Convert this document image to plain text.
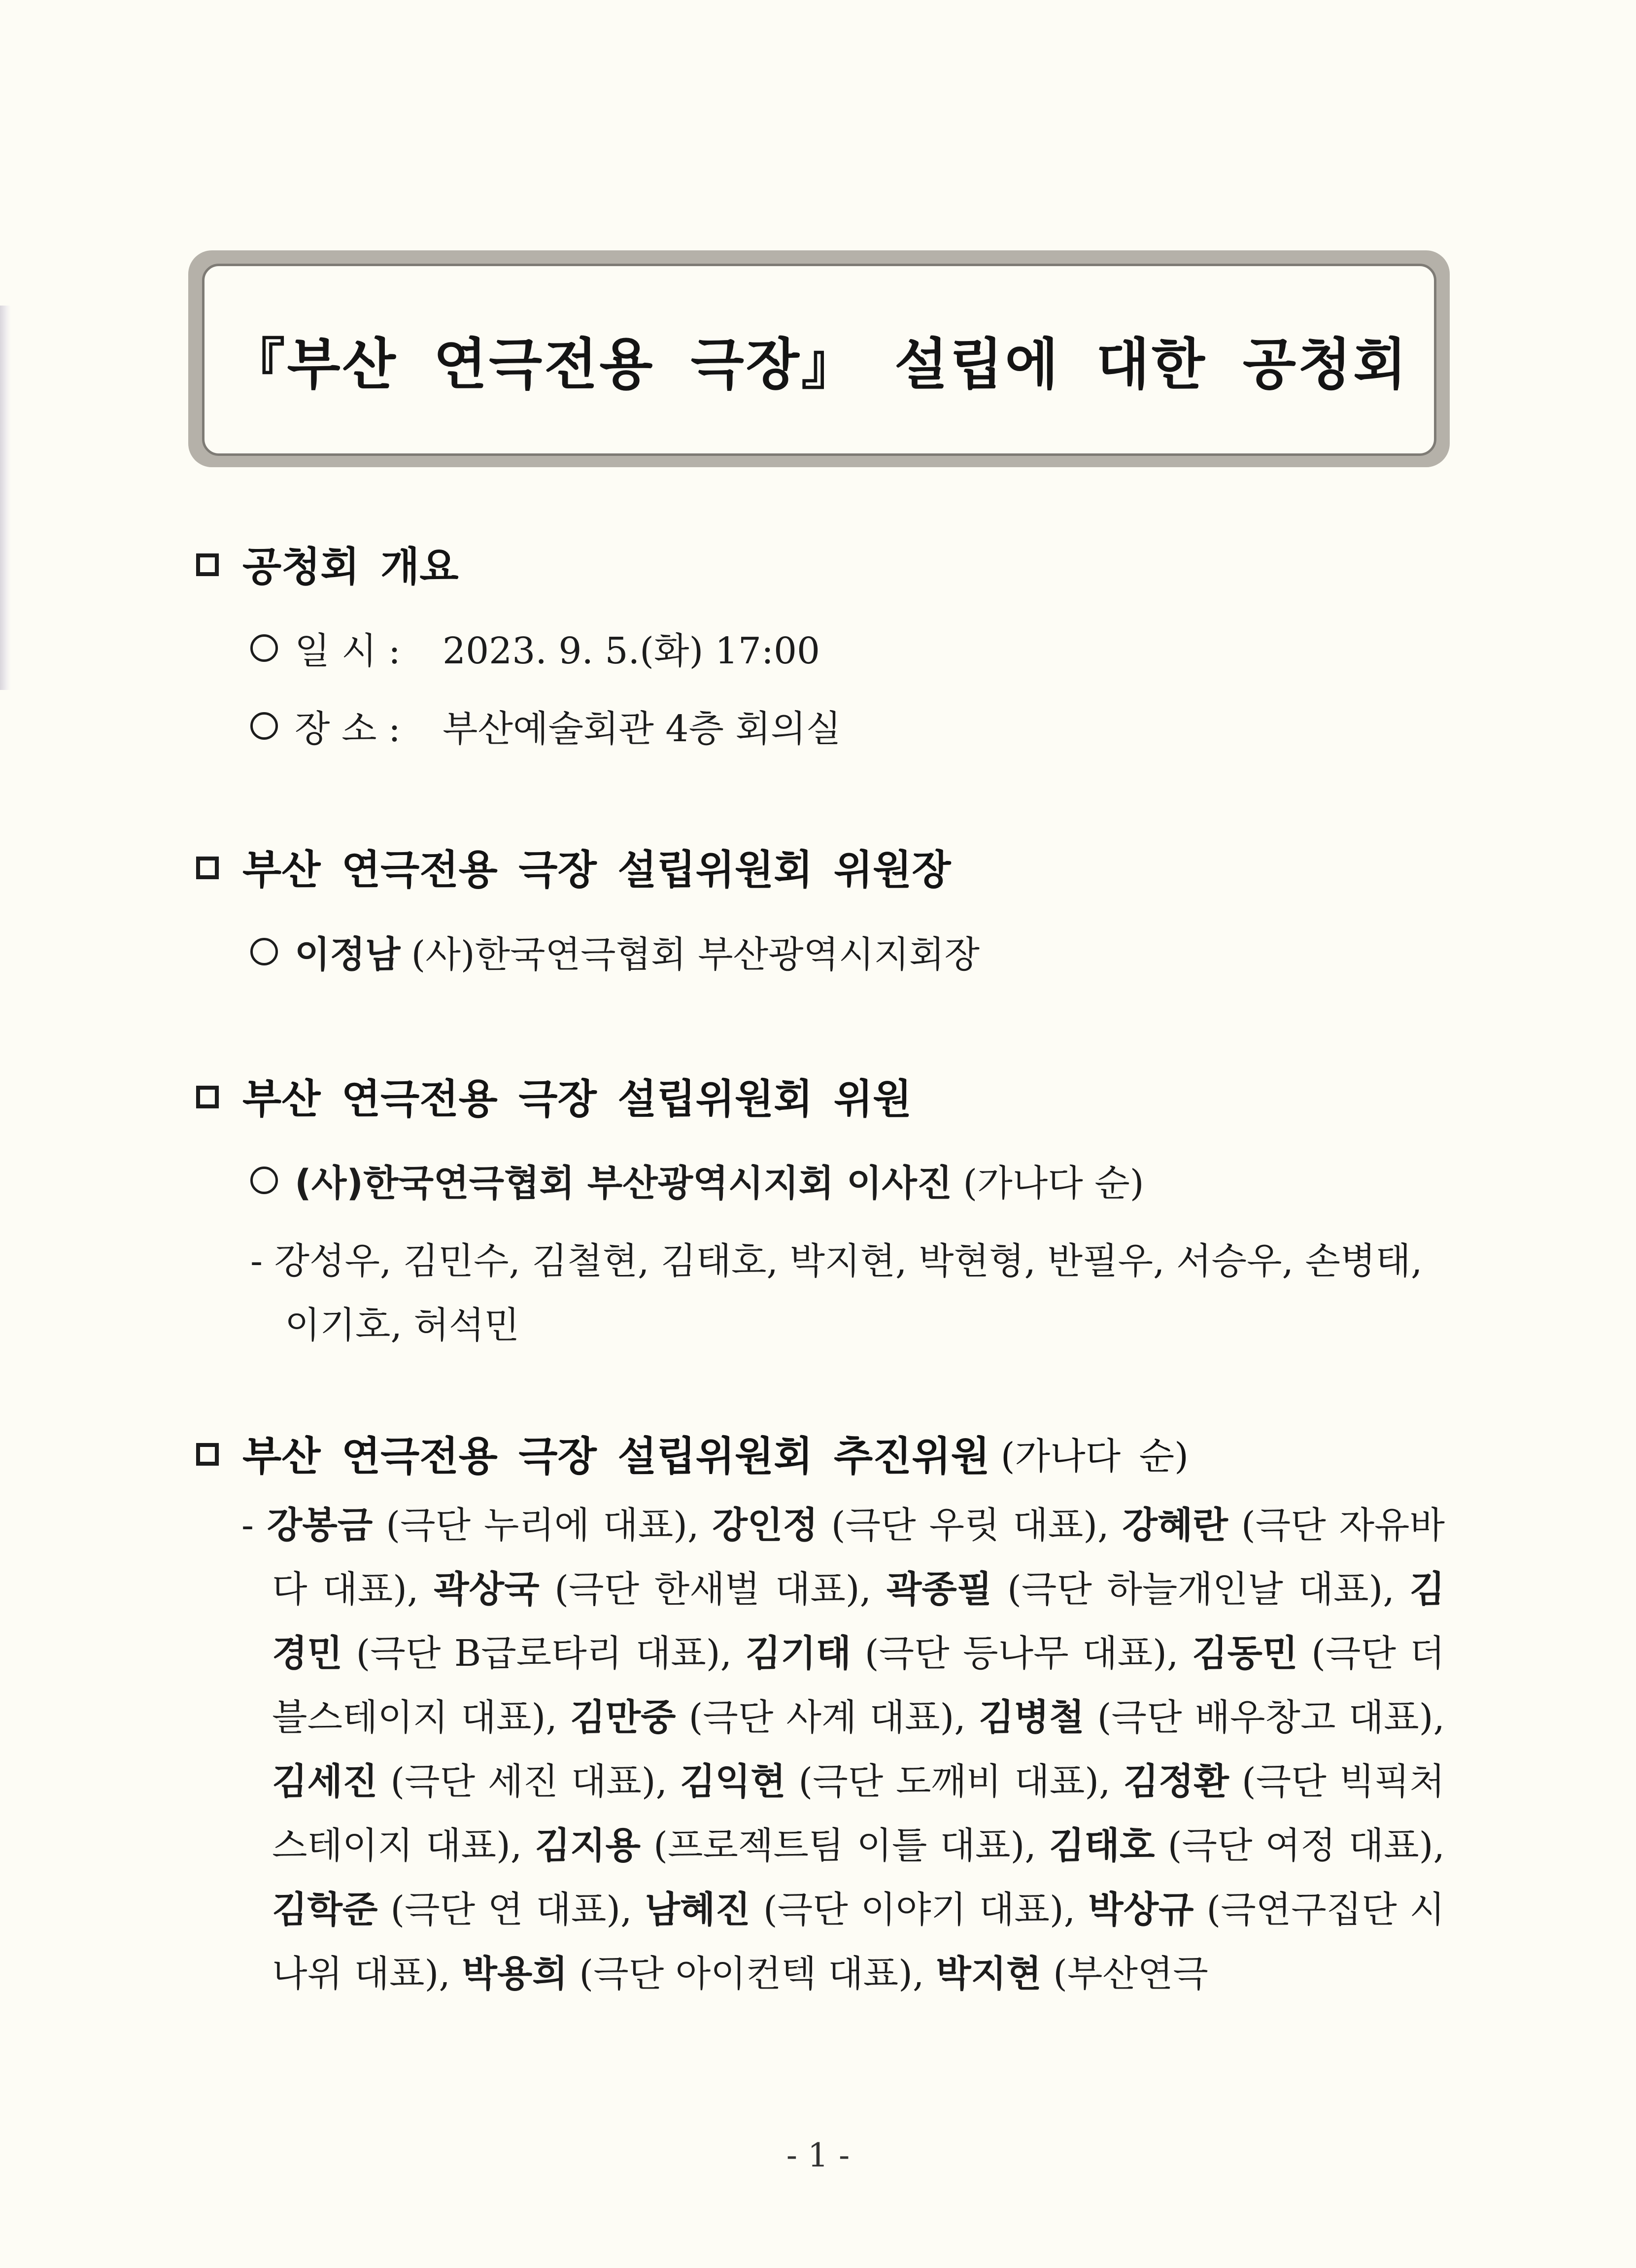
『부산 연극전용 극장』 설립에 대한 공청회
공청회 개요
일 시 :	2023. 9. 5.(화) 17:00
장 소 :	부산예술회관 4층 회의실
부산 연극전용 극장 설립위원회 위원장
이정남 (사)한국연극협회 부산광역시지회장
부산 연극전용 극장 설립위원회 위원
(사)한국연극협회 부산광역시지회 이사진 (가나다 순)
- 강성우, 김민수, 김철현, 김태호, 박지현, 박현형, 반필우, 서승우, 손병태,
이기호, 허석민
부산 연극전용 극장 설립위원회 추진위원 (가나다 순)
- 강봉금 (극단 누리에 대표), 강인정 (극단 우릿 대표), 강혜란 (극단 자유바다 대표), 곽상국 (극단 한새벌 대표), 곽종필 (극단 하늘개인날 대표), 김경민 (극단 B급로타리 대표), 김기태 (극단 등나무 대표), 김동민 (극단 더블스테이지 대표), 김만중 (극단 사계 대표), 김병철 (극단 배우창고 대표), 김세진 (극단 세진 대표), 김익현 (극단 도깨비 대표), 김정환 (극단 빅픽처스테이지 대표), 김지용 (프로젝트팀 이틀 대표), 김태호 (극단 여정 대표), 김학준 (극단 연 대표), 남혜진 (극단 이야기 대표), 박상규 (극연구집단 시나위 대표), 박용희 (극단 아이컨텍 대표), 박지현 (부산연극
- 1 -
